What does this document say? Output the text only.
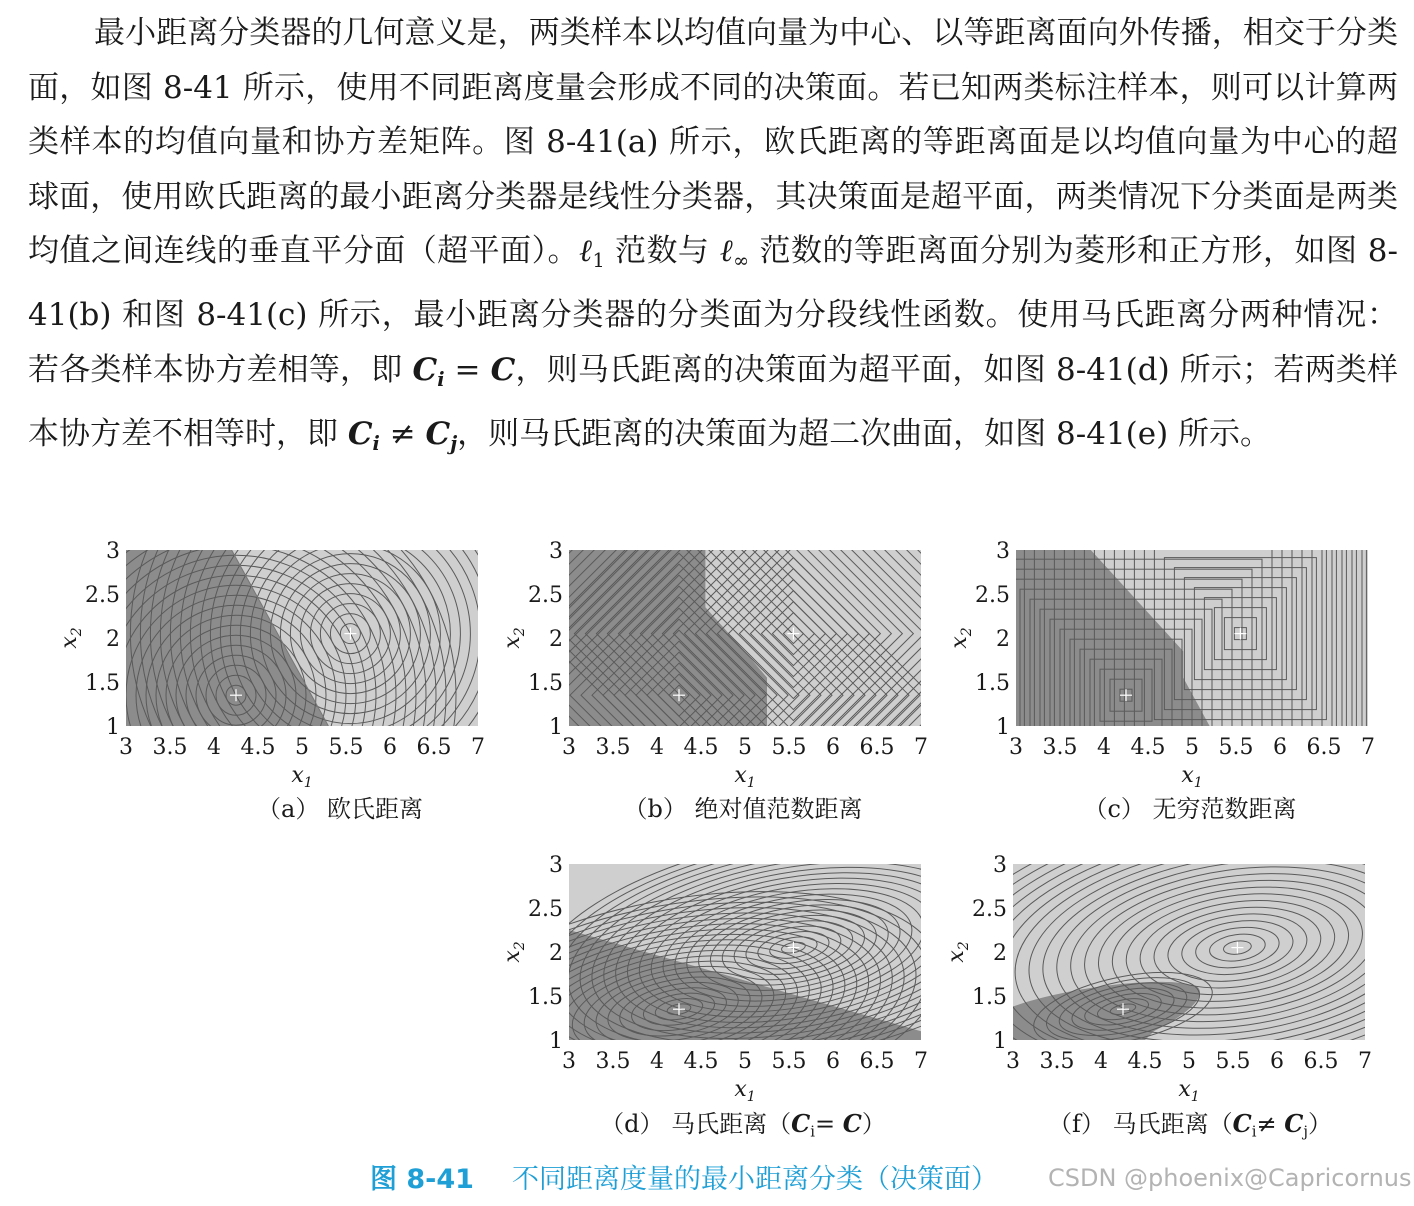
最小距离分类器的几何意义是，两类样本以均值向量为中心、以等距离面向外传播，相交于分类面，如图 8-41 所示，使用不同距离度量会形成不同的决策面。若已知两类标注样本，则可以计算两类样本的均值向量和协方差矩阵。图 8-41(a) 所示，欧氏距离的等距离面是以均值向量为中心的超球面，使用欧氏距离的最小距离分类器是线性分类器，其决策面是超平面，两类情况下分类面是两类均值之间连线的垂直平分面（超平面）。ℓ$_1$ 范数与 ℓ$_\infty$ 范数的等距离面分别为菱形和正方形，如图 8-41(b) 和图 8-41(c) 所示，最小距离分类器的分类面为分段线性函数。使用马氏距离分两种情况：若各类样本协方差相等，即 $C_i = C$，则马氏距离的决策面为超平面，如图 8-41(d) 所示；若两类样本协方差不相等时，即 $C_i \ne C_j$，则马氏距离的决策面为超二次曲面，如图 8-41(e) 所示。
3 3.5 4 4.5 5 5.5 6 6.5 7
1
1.5
2
2.5
3
$x_1$
$x_2$
3 3.5 4 4.5 5 5.5 6 6.5 7
1
1.5
2
2.5
3
$x_1$
$x_2$
3 3.5 4 4.5 5 5.5 6 6.5 7
1
1.5
2
2.5
3
$x_1$
$x_2$
3 3.5 4 4.5 5 5.5 6 6.5 7
1
1.5
2
2.5
3
$x_1$
$x_2$
3 3.5 4 4.5 5 5.5 6 6.5 7
1
1.5
2
2.5
3
$x_1$
$x_2$
（a） 欧氏距离	（b） 绝对值范数距离	（c） 无穷范数距离
（d） 马氏距离$(C_i= C)$	（f） 马氏距离$(C_i\ne C_j)$
图 8-41 不同距离度量的最小距离分类（决策面） CSDN @phoenix@Capricornus
